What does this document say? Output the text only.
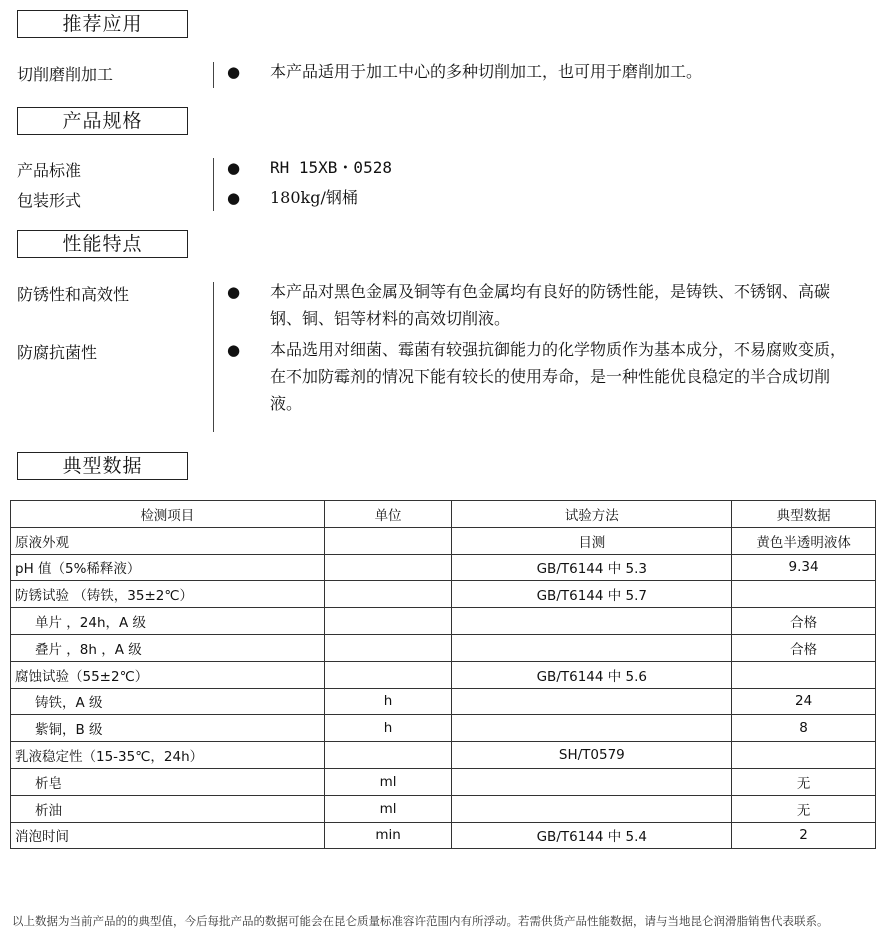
推荐应用
切削磨削加工	● 本产品适用于加工中心的多种切削加工，也可用于磨削加工。
产品规格
产品标准	● RH 15XB・0528
包装形式	● 180kg/钢桶
性能特点
防锈性和高效性	● 本产品对黑色金属及铜等有色金属均有良好的防锈性能，是铸铁、不锈钢、高碳钢、铜、铝等材料的高效切削液。
防腐抗菌性	● 本品选用对细菌、霉菌有较强抗御能力的化学物质作为基本成分，不易腐败变质，在不加防霉剂的情况下能有较长的使用寿命，是一种性能优良稳定的半合成切削液。
典型数据
检测项目	单位	试验方法	典型数据
原液外观		目测	黄色半透明液体
pH 值（5%稀释液）		GB/T6144 中 5.3	9.34
防锈试验 （铸铁，35±2℃）		GB/T6144 中 5.7	
单片 ，24h，A 级			合格
叠片 ，8h ，A 级			合格
腐蚀试验（55±2℃）		GB/T6144 中 5.6	
铸铁，A 级	h		24
紫铜，B 级	h		8
乳液稳定性（15-35℃，24h）		SH/T0579	
析皂	ml		无
析油	ml		无
消泡时间	min	GB/T6144 中 5.4	2
以上数据为当前产品的的典型值，今后每批产品的数据可能会在昆仑质量标准容许范围内有所浮动。若需供货产品性能数据，请与当地昆仑润滑脂销售代表联系。
